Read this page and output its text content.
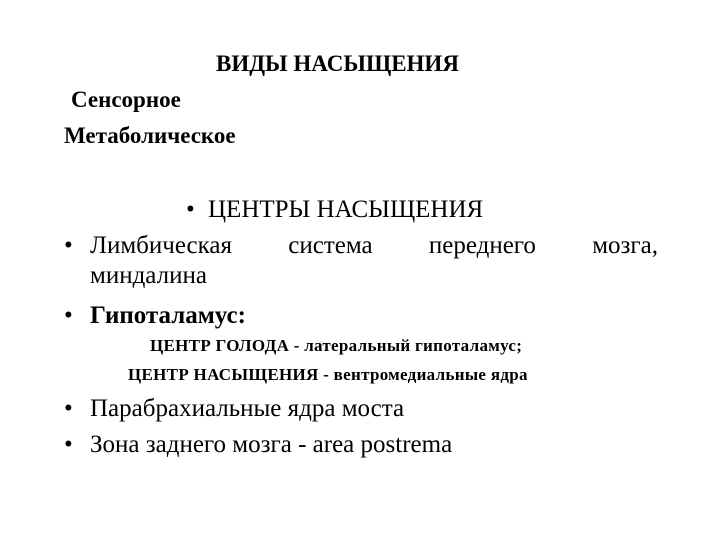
ВИДЫ НАСЫЩЕНИЯ
Сенсорное
Метаболическое
• ЦЕНТРЫ НАСЫЩЕНИЯ
• Лимбическая система переднего мозга,
миндалина
• Гипоталамус:
ЦЕНТР ГОЛОДА - латеральный гипоталамус;
ЦЕНТР НАСЫЩЕНИЯ - вентромедиальные ядра
• Парабрахиальные ядра моста
• Зона заднего мозга - area postrema
